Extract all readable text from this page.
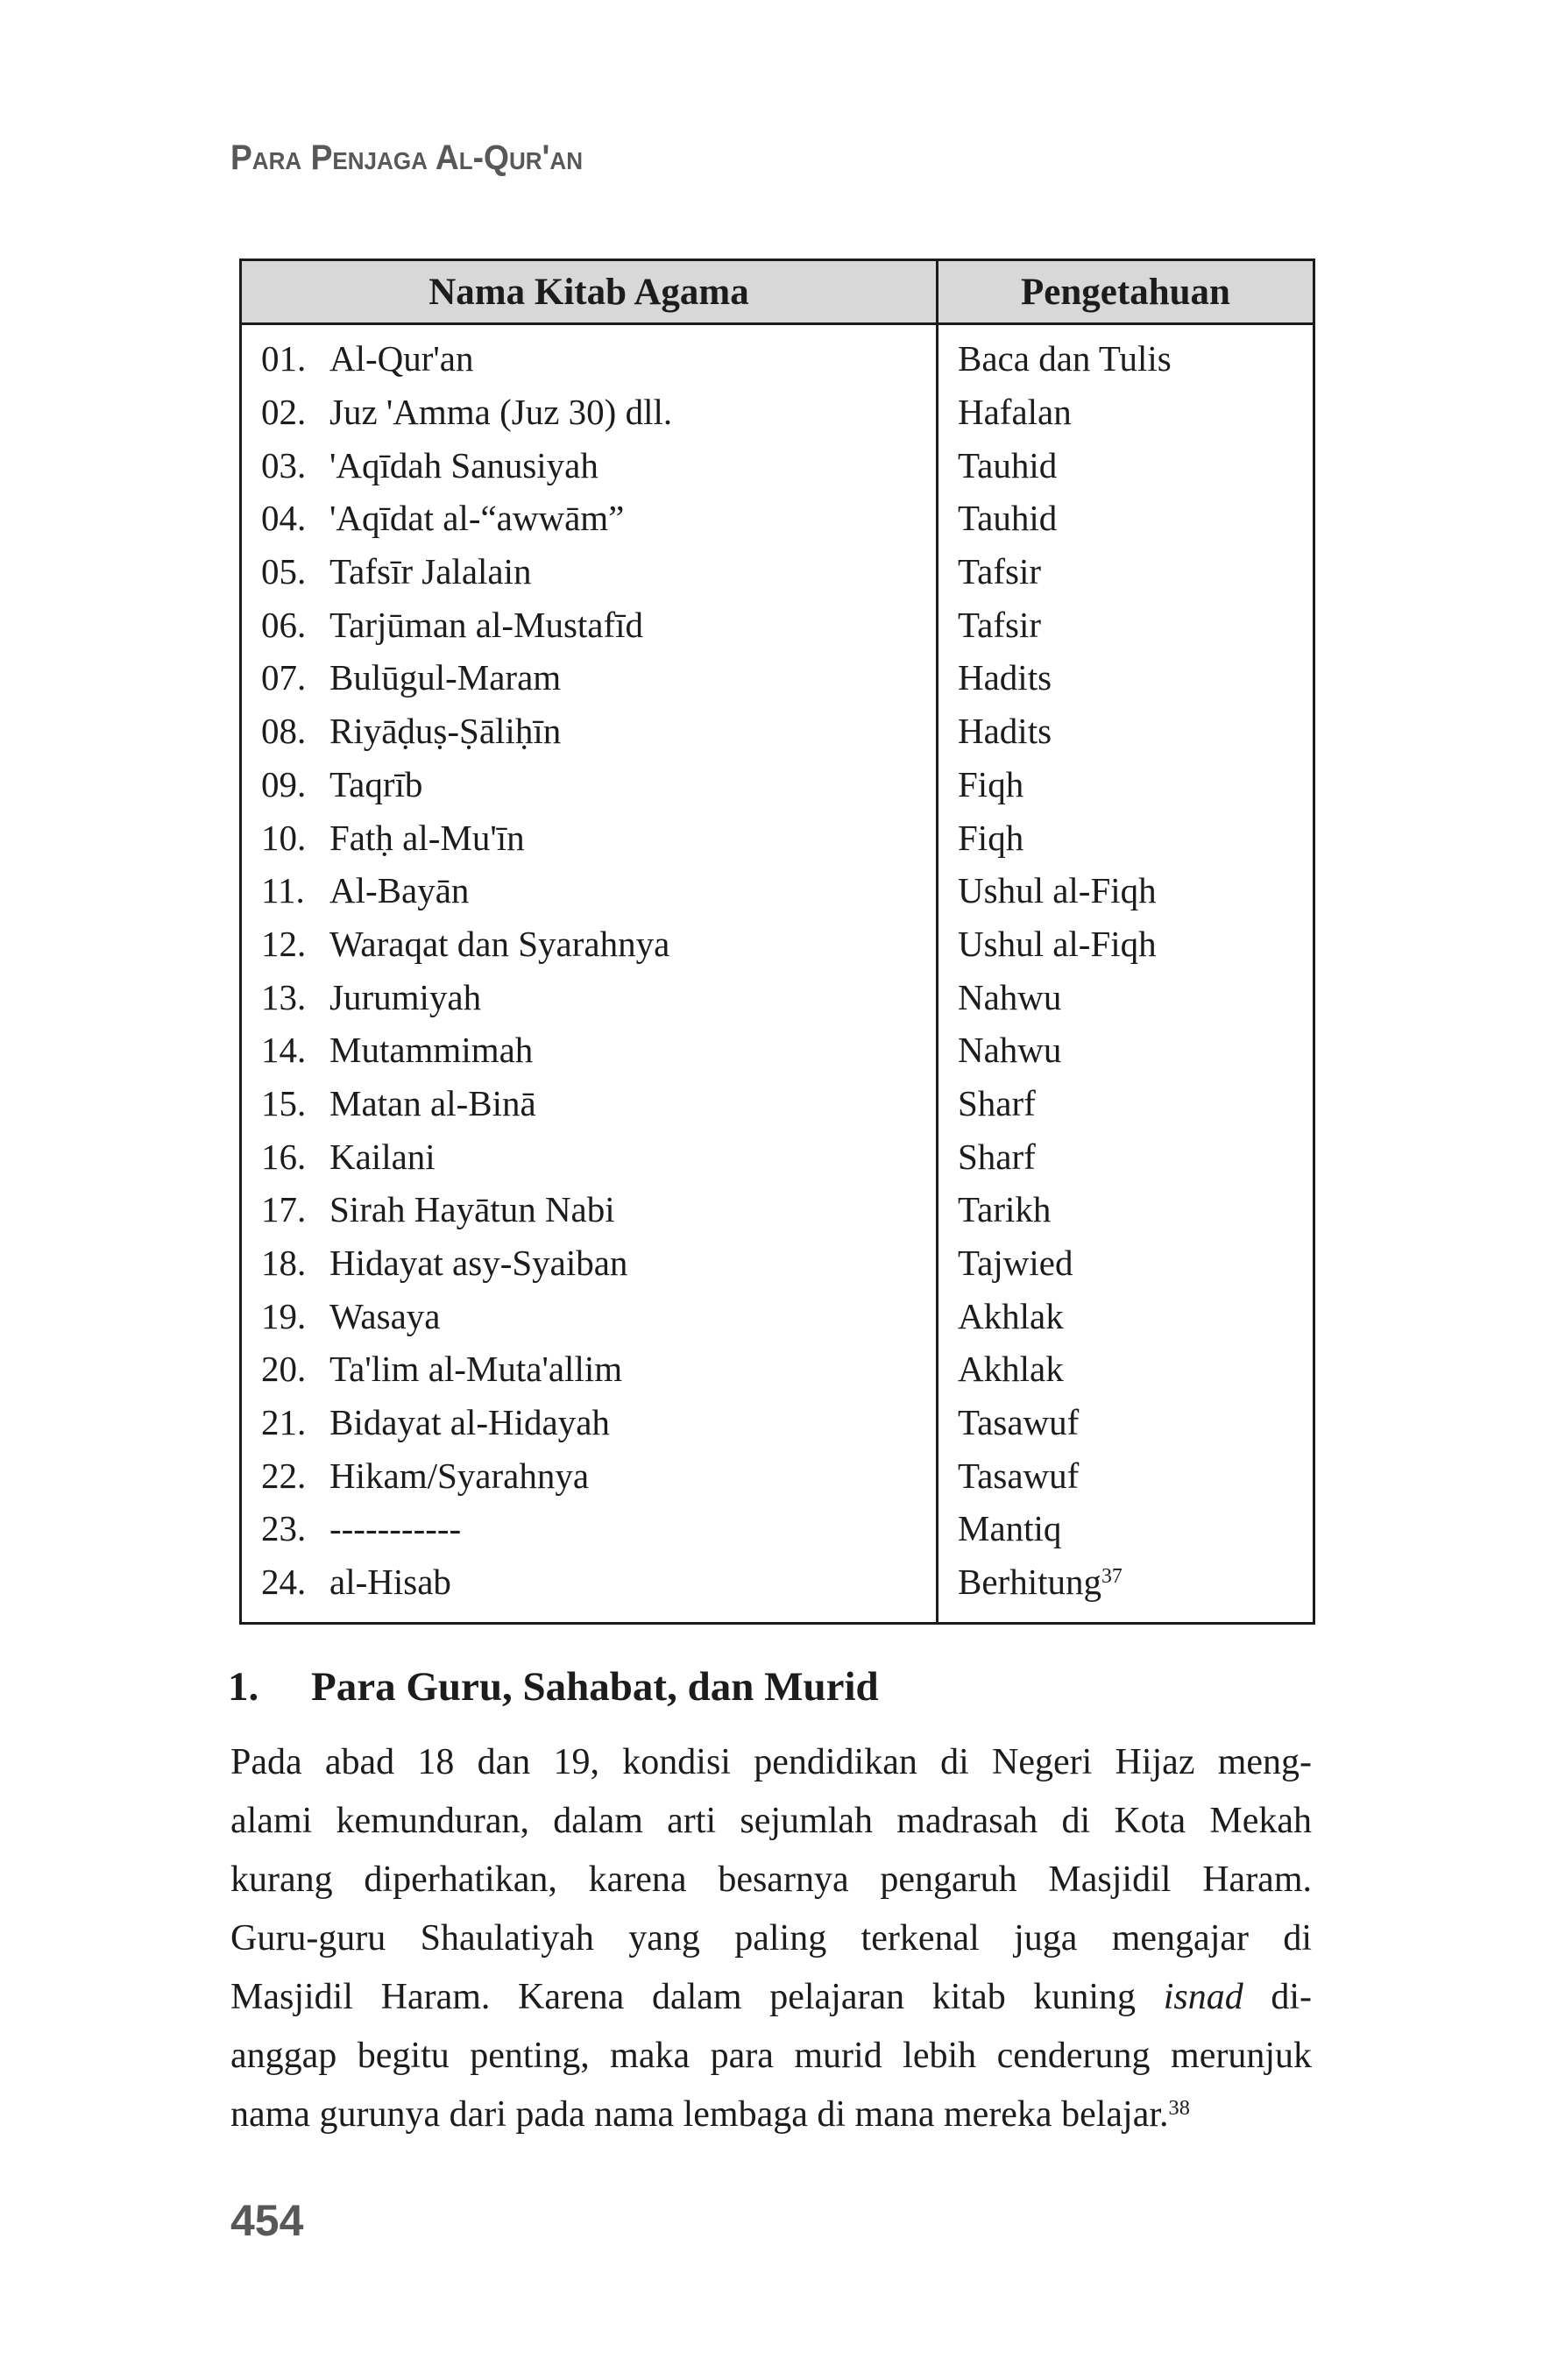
Para Penjaga Al-Qur'an
Nama Kitab Agama	Pengetahuan
01. Al-Qur'an	Baca dan Tulis
02. Juz 'Amma (Juz 30) dll.	Hafalan
03. 'Aqīdah Sanusiyah	Tauhid
04. 'Aqīdat al-“awwām”	Tauhid
05. Tafsīr Jalalain	Tafsir
06. Tarjūman al-Mustafīd	Tafsir
07. Bulūgul-Maram	Hadits
08. Riyāḍuṣ-Ṣāliḥīn	Hadits
09. Taqrīb	Fiqh
10. Fatḥ al-Mu'īn	Fiqh
11. Al-Bayān	Ushul al-Fiqh
12. Waraqat dan Syarahnya	Ushul al-Fiqh
13. Jurumiyah	Nahwu
14. Mutammimah	Nahwu
15. Matan al-Binā	Sharf
16. Kailani	Sharf
17. Sirah Hayātun Nabi	Tarikh
18. Hidayat asy-Syaiban	Tajwied
19. Wasaya	Akhlak
20. Ta'lim al-Muta'allim	Akhlak
21. Bidayat al-Hidayah	Tasawuf
22. Hikam/Syarahnya	Tasawuf
23. -----------	Mantiq
24. al-Hisab	Berhitung$^{37}$
1. Para Guru, Sahabat, dan Murid
Pada abad 18 dan 19, kondisi pendidikan di Negeri Hijaz meng-
alami kemunduran, dalam arti sejumlah madrasah di Kota Mekah
kurang diperhatikan, karena besarnya pengaruh Masjidil Haram.
Guru-guru Shaulatiyah yang paling terkenal juga mengajar di
Masjidil Haram. Karena dalam pelajaran kitab kuning isnad di-
anggap begitu penting, maka para murid lebih cenderung merunjuk
nama gurunya dari pada nama lembaga di mana mereka belajar.$^{38}$
454
